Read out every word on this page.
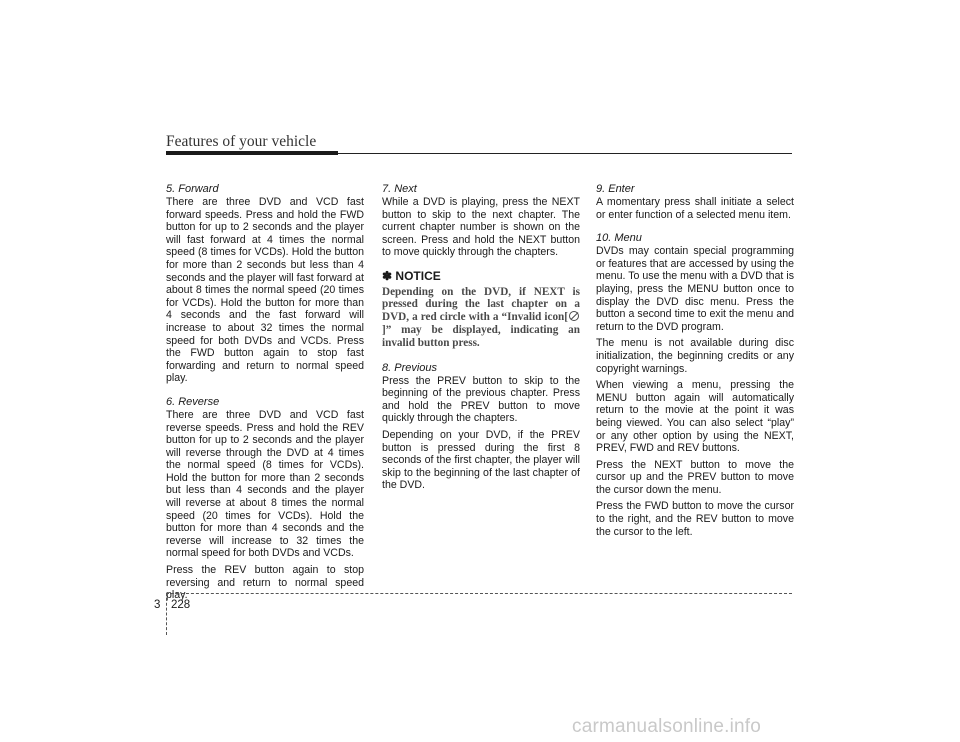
Features of your vehicle

5. Forward

There are three DVD and VCD fast forward speeds. Press and hold the FWD button for up to 2 seconds and the player will fast forward at 4 times the normal speed (8 times for VCDs). Hold the button for more than 2 seconds but less than 4 seconds and the player will fast forward at about 8 times the normal speed (20 times for VCDs). Hold the button for more than 4 seconds and the fast forward will increase to about 32 times the normal speed for both DVDs and VCDs. Press the FWD button again to stop fast forwarding and return to normal speed play.

6. Reverse

There are three DVD and VCD fast reverse speeds. Press and hold the REV button for up to 2 seconds and the player will reverse through the DVD at 4 times the normal speed (8 times for VCDs). Hold the button for more than 2 seconds but less than 4 seconds and the player will reverse at about 8 times the normal speed (20 times for VCDs). Hold the button for more than 4 seconds and the reverse will increase to 32 times the normal speed for both DVDs and VCDs.

Press the REV button again to stop reversing and return to normal speed play.

7. Next

While a DVD is playing, press the NEXT button to skip to the next chapter. The current chapter number is shown on the screen. Press and hold the NEXT button to move quickly through the chapters.

✽ NOTICE

Depending on the DVD, if NEXT is pressed during the last chapter on a DVD, a red circle with a “Invalid icon[]” may be displayed, indicating an invalid button press.

8. Previous

Press the PREV button to skip to the beginning of the previous chapter. Press and hold the PREV button to move quickly through the chapters.

Depending on your DVD, if the PREV button is pressed during the first 8 seconds of the first chapter, the player will skip to the beginning of the last chapter of the DVD.

9. Enter

A momentary press shall initiate a select or enter function of a selected menu item.

10. Menu

DVDs may contain special programming or features that are accessed by using the menu. To use the menu with a DVD that is playing, press the MENU button once to display the DVD disc menu. Press the button a second time to exit the menu and return to the DVD program.

The menu is not available during disc initialization, the beginning credits or any copyright warnings.

When viewing a menu, pressing the MENU button again will automatically return to the movie at the point it was being viewed. You can also select “play” or any other option by using the NEXT, PREV, FWD and REV buttons.

Press the NEXT button to move the cursor up and the PREV button to move the cursor down the menu.

Press the FWD button to move the cursor to the right, and the REV button to move the cursor to the left.

3 228
carmanualsonline.info
